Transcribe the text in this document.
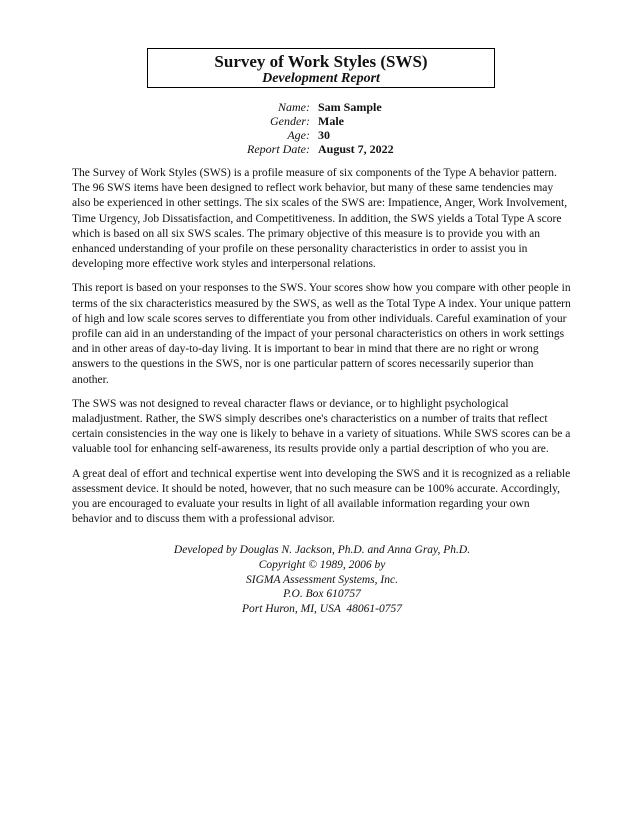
Survey of Work Styles (SWS)
Development Report
Name: Sam Sample
Gender: Male
Age: 30
Report Date: August 7, 2022

The Survey of Work Styles (SWS) is a profile measure of six components of the Type A behavior pattern. The 96 SWS items have been designed to reflect work behavior, but many of these same tendencies may also be experienced in other settings. The six scales of the SWS are: Impatience, Anger, Work Involvement, Time Urgency, Job Dissatisfaction, and Competitiveness. In addition, the SWS yields a Total Type A score which is based on all six SWS scales. The primary objective of this measure is to provide you with an enhanced understanding of your profile on these personality characteristics in order to assist you in developing more effective work styles and interpersonal relations.

This report is based on your responses to the SWS. Your scores show how you compare with other people in terms of the six characteristics measured by the SWS, as well as the Total Type A index. Your unique pattern of high and low scale scores serves to differentiate you from other individuals. Careful examination of your profile can aid in an understanding of the impact of your personal characteristics on others in work settings and in other areas of day-to-day living. It is important to bear in mind that there are no right or wrong answers to the questions in the SWS, nor is one particular pattern of scores necessarily superior than another.

The SWS was not designed to reveal character flaws or deviance, or to highlight psychological maladjustment. Rather, the SWS simply describes one's characteristics on a number of traits that reflect certain consistencies in the way one is likely to behave in a variety of situations. While SWS scores can be a valuable tool for enhancing self-awareness, its results provide only a partial description of who you are.

A great deal of effort and technical expertise went into developing the SWS and it is recognized as a reliable assessment device. It should be noted, however, that no such measure can be 100% accurate. Accordingly, you are encouraged to evaluate your results in light of all available information regarding your own behavior and to discuss them with a professional advisor.

Developed by Douglas N. Jackson, Ph.D. and Anna Gray, Ph.D.
Copyright © 1989, 2006 by
SIGMA Assessment Systems, Inc.
P.O. Box 610757
Port Huron, MI, USA  48061-0757
